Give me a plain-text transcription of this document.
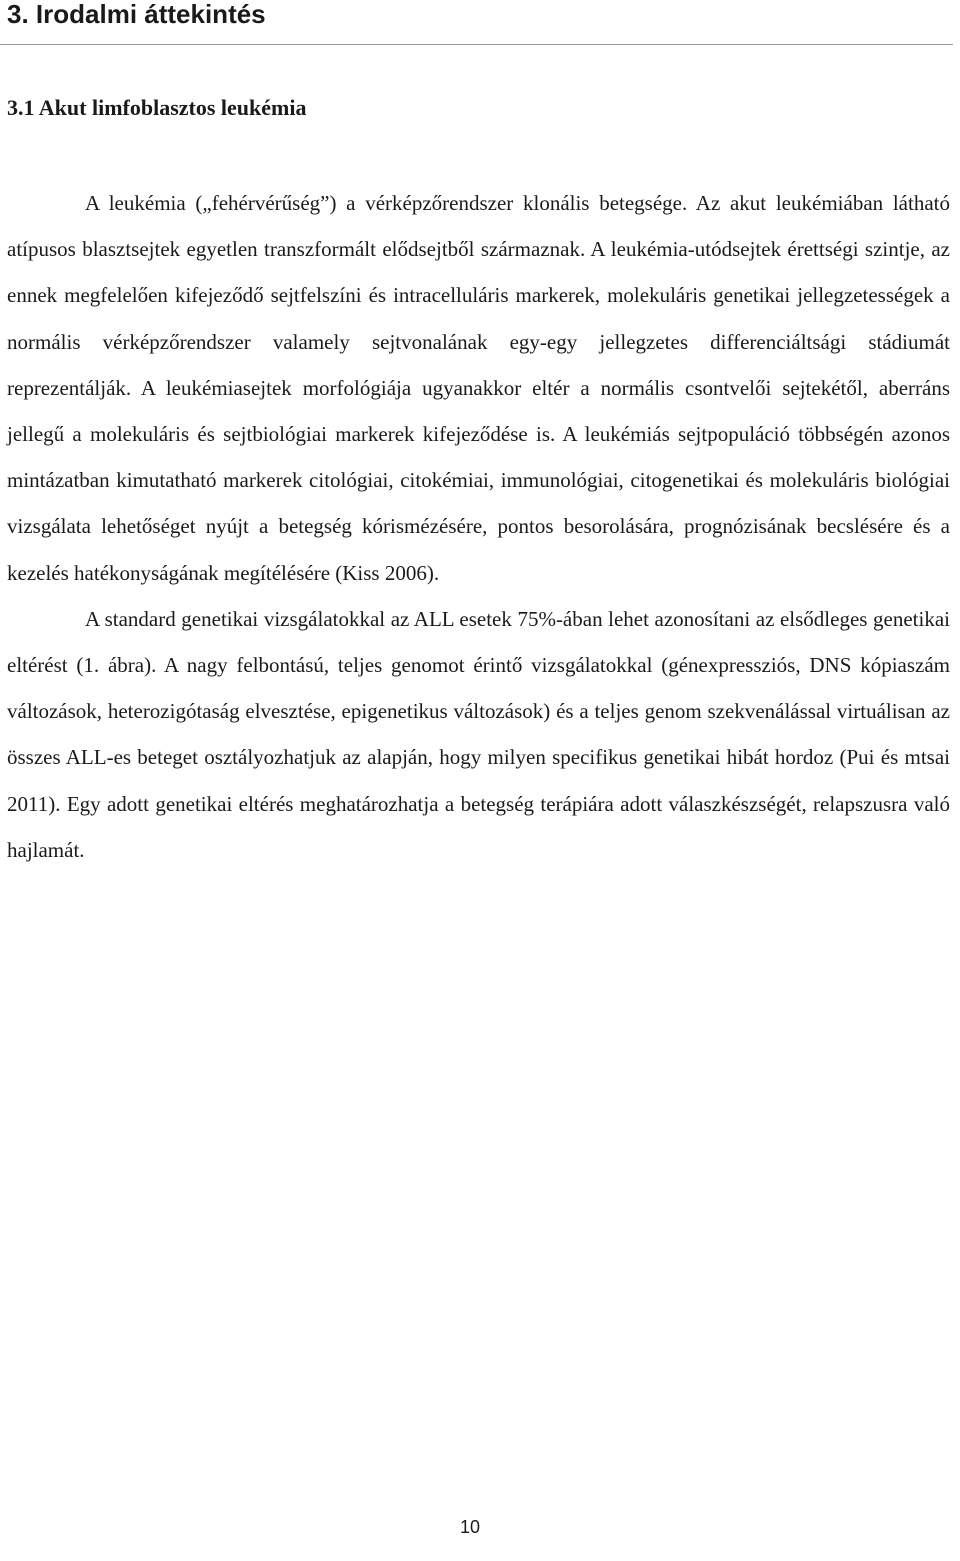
3. Irodalmi áttekintés
3.1 Akut limfoblasztos leukémia

A leukémia („fehérvérűség”) a vérképzőrendszer klonális betegsége. Az akut leukémiában látható atípusos blasztsejtek egyetlen transzformált elődsejtből származnak. A leukémia-utódsejtek érettségi szintje, az ennek megfelelően kifejeződő sejtfelszíni és intracelluláris markerek, molekuláris genetikai jellegzetességek a normális vérképzőrendszer valamely sejtvonalának egy-egy jellegzetes differenciáltsági stádiumát reprezentálják. A leukémiasejtek morfológiája ugyanakkor eltér a normális csontvelői sejtekétől, aberráns jellegű a molekuláris és sejtbiológiai markerek kifejeződése is. A leukémiás sejtpopuláció többségén azonos mintázatban kimutatható markerek citológiai, citokémiai, immunológiai, citogenetikai és molekuláris biológiai vizsgálata lehetőséget nyújt a betegség kórismézésére, pontos besorolására, prognózisának becslésére és a kezelés hatékonyságának megítélésére (Kiss 2006).

A standard genetikai vizsgálatokkal az ALL esetek 75%-ában lehet azonosítani az elsődleges genetikai eltérést (1. ábra). A nagy felbontású, teljes genomot érintő vizsgálatokkal (génexpressziós, DNS kópiaszám változások, heterozigótaság elvesztése, epigenetikus változások) és a teljes genom szekvenálással virtuálisan az összes ALL-es beteget osztályozhatjuk az alapján, hogy milyen specifikus genetikai hibát hordoz (Pui és mtsai 2011). Egy adott genetikai eltérés meghatározhatja a betegség terápiára adott válaszkészségét, relapszusra való hajlamát.

10
